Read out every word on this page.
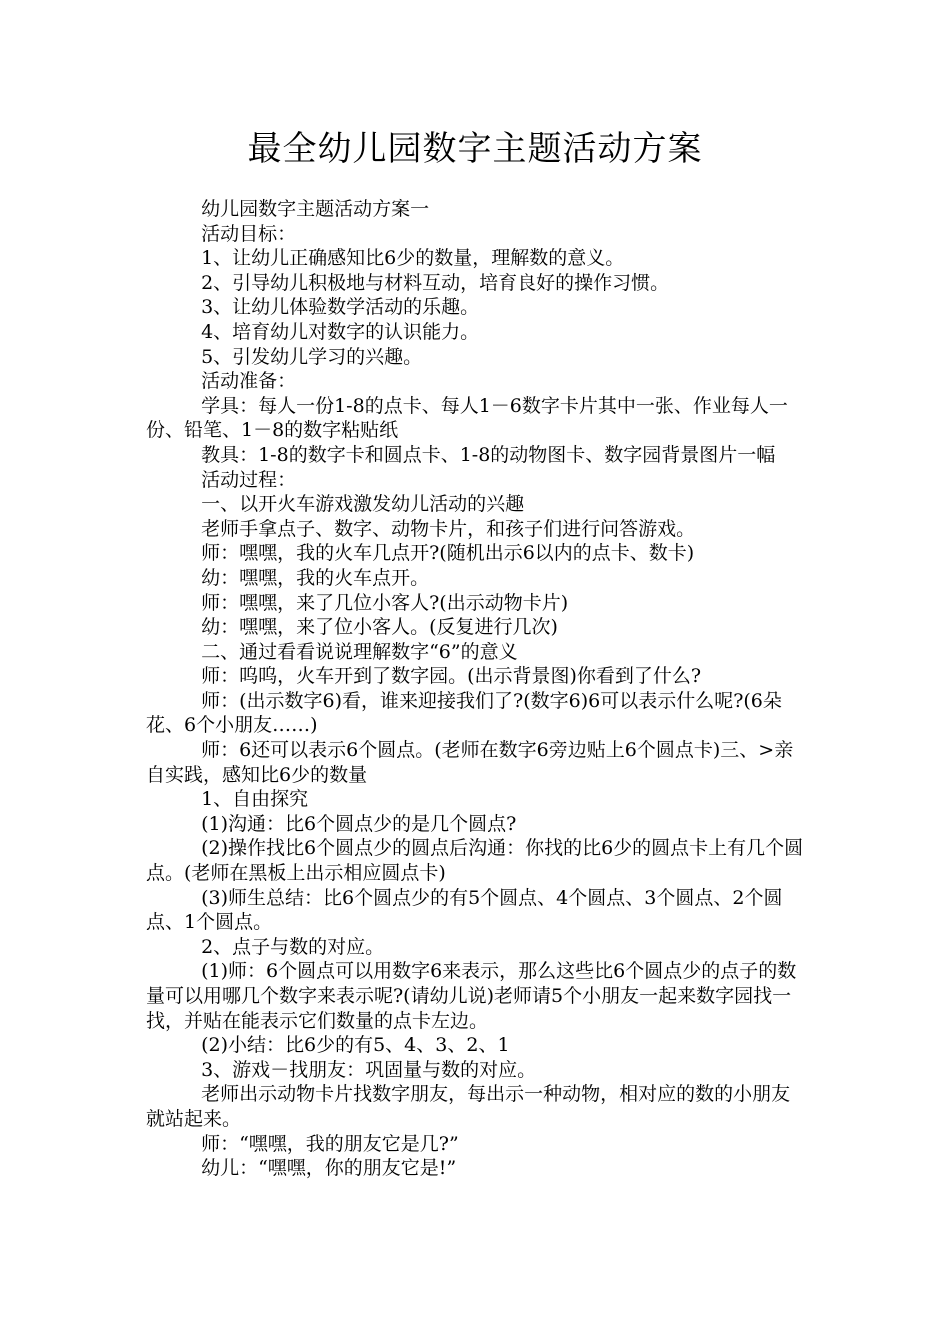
最全幼儿园数字主题活动方案

幼儿园数字主题活动方案一

活动目标：

1、让幼儿正确感知比6少的数量，理解数的意义。

2、引导幼儿积极地与材料互动，培育良好的操作习惯。

3、让幼儿体验数学活动的乐趣。

4、培育幼儿对数字的认识能力。

5、引发幼儿学习的兴趣。

活动准备：

学具：每人一份1-8的点卡、每人1－6数字卡片其中一张、作业每人一份、铅笔、1－8的数字粘贴纸

教具：1-8的数字卡和圆点卡、1-8的动物图卡、数字园背景图片一幅

活动过程：

一、以开火车游戏激发幼儿活动的兴趣

老师手拿点子、数字、动物卡片，和孩子们进行问答游戏。

师：嘿嘿，我的火车几点开?(随机出示6以内的点卡、数卡)

幼：嘿嘿，我的火车点开。

师：嘿嘿，来了几位小客人?(出示动物卡片)

幼：嘿嘿，来了位小客人。(反复进行几次)

二、通过看看说说理解数字“6”的意义

师：呜呜，火车开到了数字园。(出示背景图)你看到了什么?

师：(出示数字6)看，谁来迎接我们了?(数字6)6可以表示什么呢?(6朵花、6个小朋友……)

师：6还可以表示6个圆点。(老师在数字6旁边贴上6个圆点卡)三、>亲自实践，感知比6少的数量

1、自由探究

(1)沟通：比6个圆点少的是几个圆点?

(2)操作找比6个圆点少的圆点后沟通：你找的比6少的圆点卡上有几个圆点。(老师在黑板上出示相应圆点卡)

(3)师生总结：比6个圆点少的有5个圆点、4个圆点、3个圆点、2个圆点、1个圆点。

2、点子与数的对应。

(1)师：6个圆点可以用数字6来表示，那么这些比6个圆点少的点子的数量可以用哪几个数字来表示呢?(请幼儿说)老师请5个小朋友一起来数字园找一找，并贴在能表示它们数量的点卡左边。

(2)小结：比6少的有5、4、3、2、1

3、游戏－找朋友：巩固量与数的对应。

老师出示动物卡片找数字朋友，每出示一种动物，相对应的数的小朋友就站起来。

师：“嘿嘿，我的朋友它是几?”

幼儿：“嘿嘿，你的朋友它是!”
